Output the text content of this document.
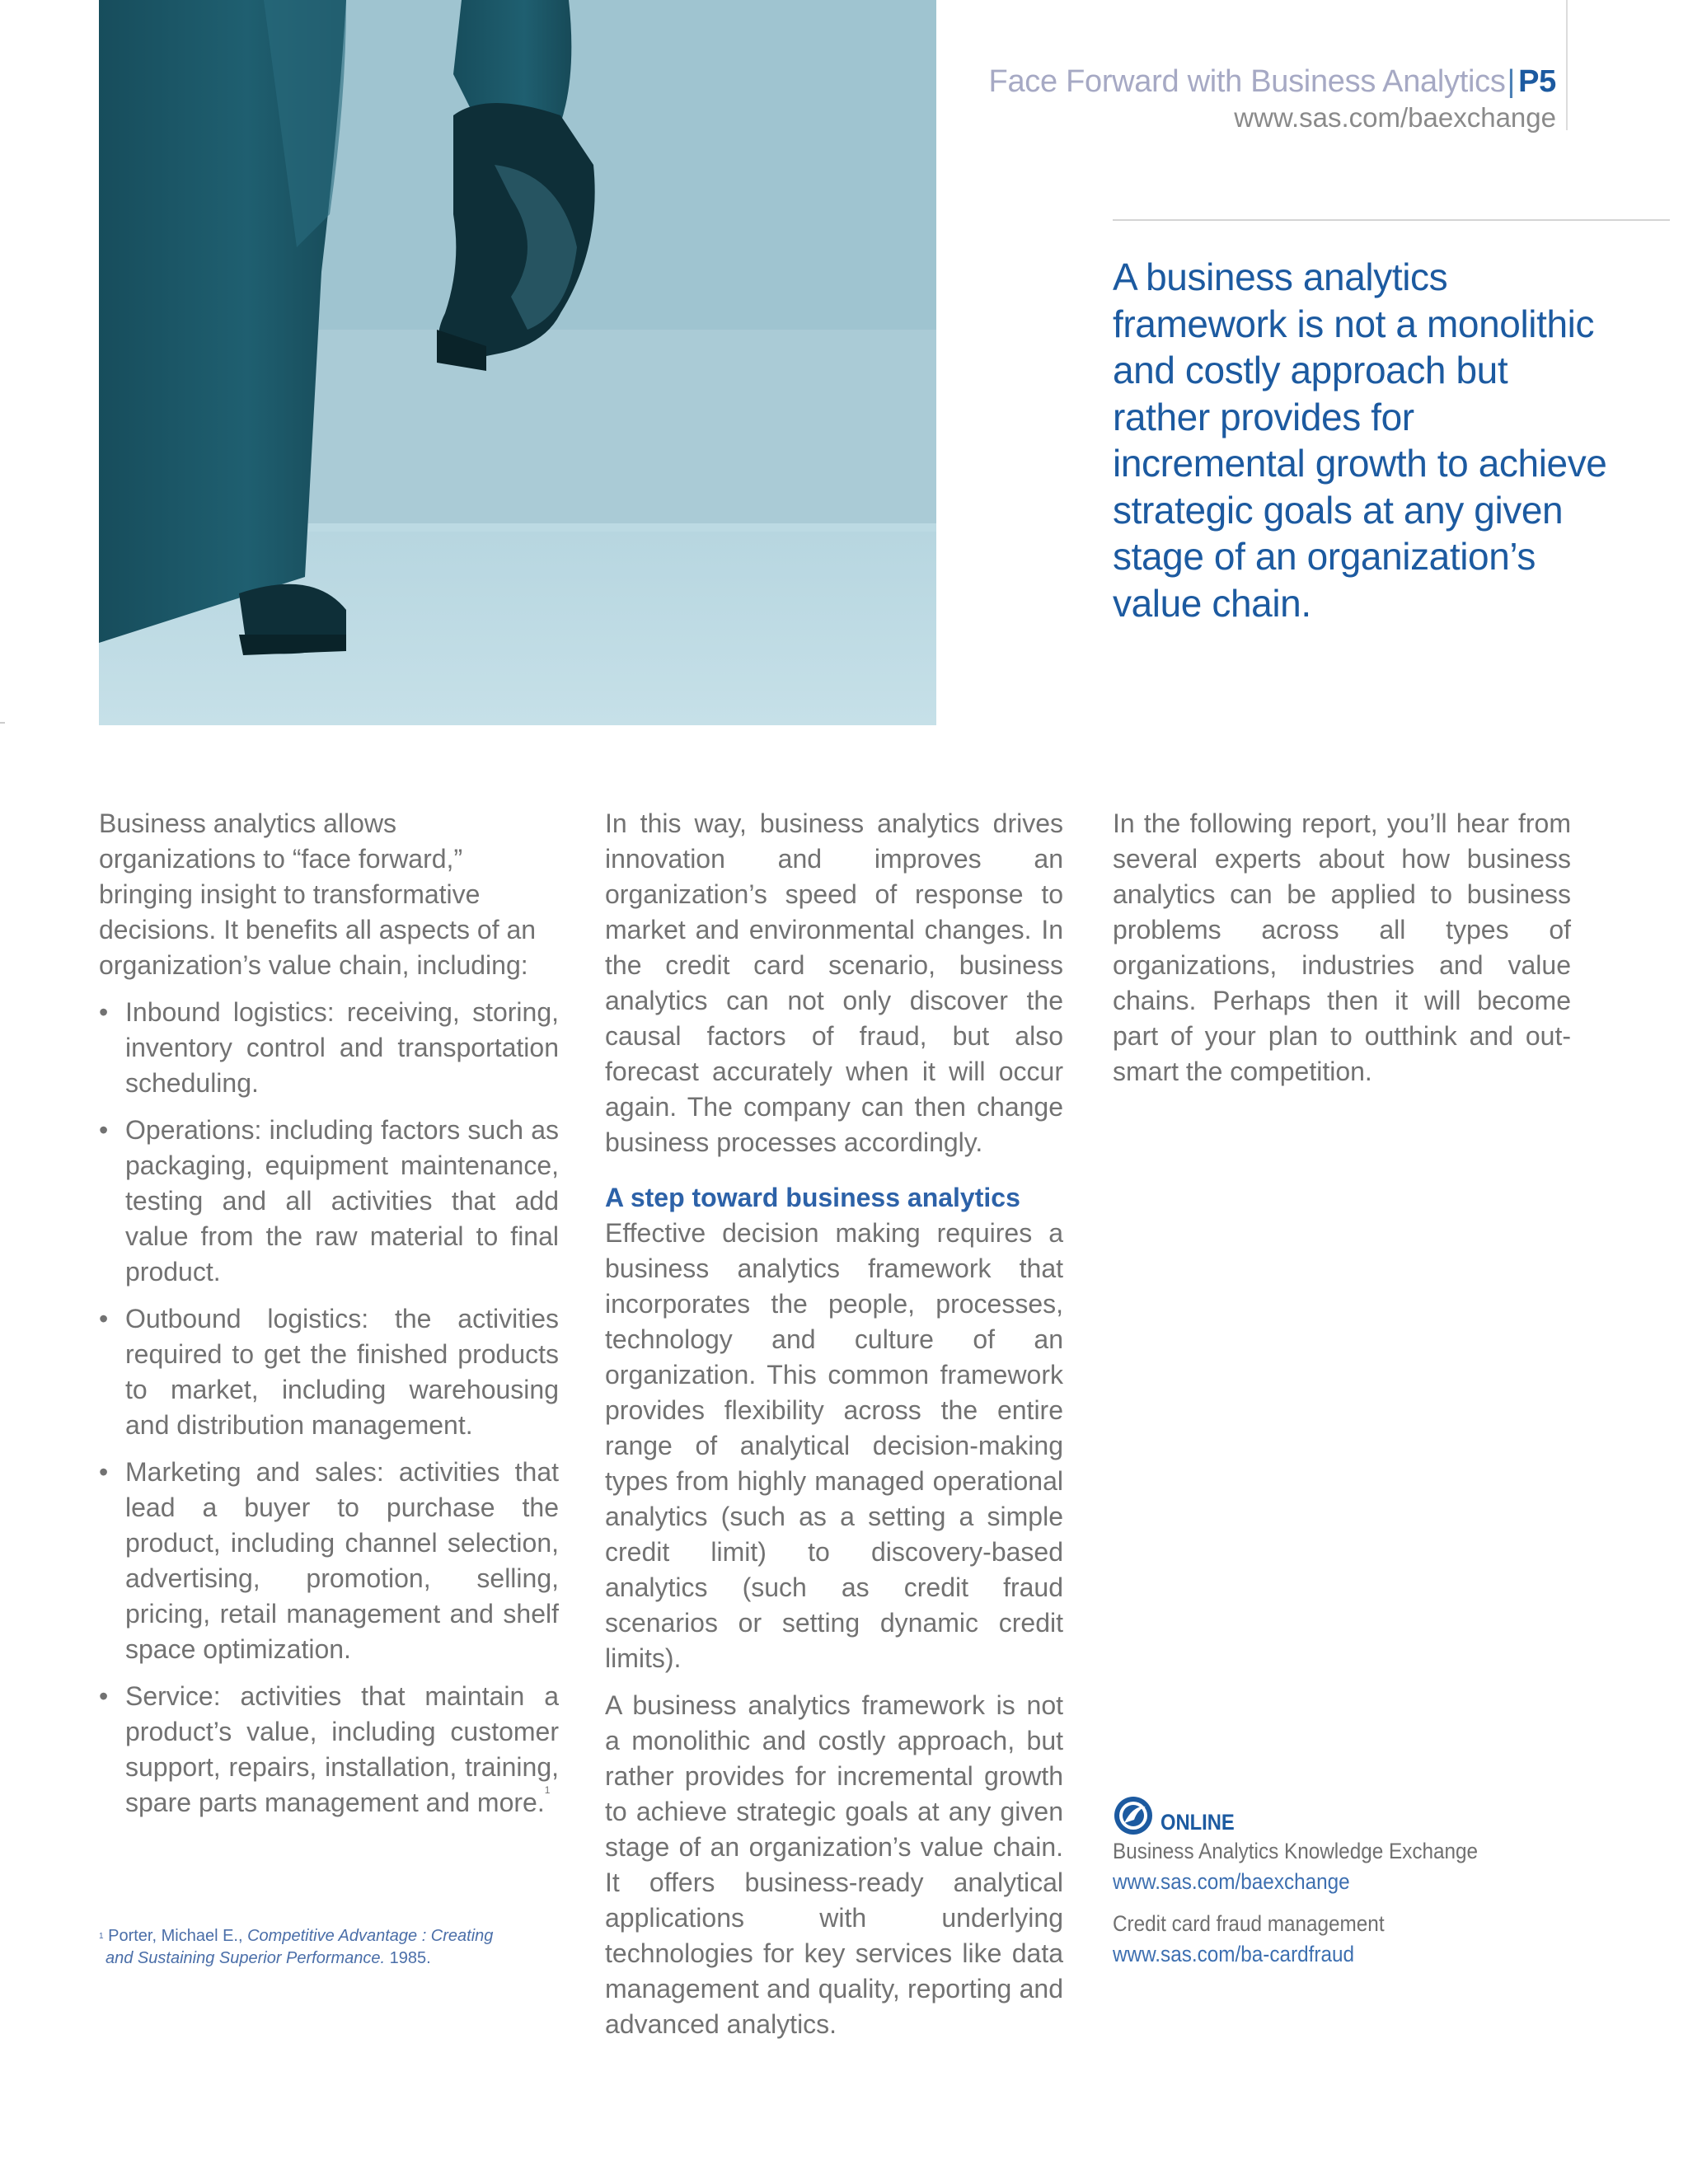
Face Forward with Business Analytics| P5
www.sas.com/baexchange
A business analytics framework is not a monolithic and costly approach but rather provides for incremental growth to achieve strategic goals at any given stage of an organization’s value chain.

Business analytics allows organizations to “face forward,” bringing insight to transformative decisions. It benefits all aspects of an organization’s value chain, including:

• Inbound logistics: receiving, storing, inventory control and transportation scheduling.
• Operations: including factors such as packaging, equipment maintenance, testing and all activities that add value from the raw material to final product.
• Outbound logistics: the activities required to get the finished products to market, including warehousing and distribution management.
• Marketing and sales: activities that lead a buyer to purchase the product, including channel selection, advertising, promotion, selling, pricing, retail management and shelf space optimization.
• Service: activities that maintain a product’s value, including customer support, repairs, installation, training, spare parts management and more.$^1$

In this way, business analytics drives innovation and improves an organization’s speed of response to market and environmental changes. In the credit card scenario, business analytics can not only discover the causal factors of fraud, but also forecast accurately when it will occur again. The company can then change business processes accordingly.

A step toward business analytics

Effective decision making requires a business analytics framework that incorporates the people, processes, technology and culture of an organization. This common framework provides flexibility across the entire range of analytical decision-making types from highly managed operational analytics (such as a setting a simple credit limit) to discovery-based analytics (such as credit fraud scenarios or setting dynamic credit limits).

A business analytics framework is not a monolithic and costly approach, but rather provides for incremental growth to achieve strategic goals at any given stage of an organization’s value chain. It offers business-ready analytical applications with underlying technologies for key services like data management and quality, reporting and advanced analytics.

In the following report, you’ll hear from several experts about how business analytics can be applied to business problems across all types of organizations, industries and value chains. Perhaps then it will become part of your plan to outthink and out-smart the competition.

ONLINE
Business Analytics Knowledge Exchange
www.sas.com/baexchange
Credit card fraud management
www.sas.com/ba-cardfraud
$^1$ Porter, Michael E., Competitive Advantage : Creating
and Sustaining Superior Performance. 1985.
